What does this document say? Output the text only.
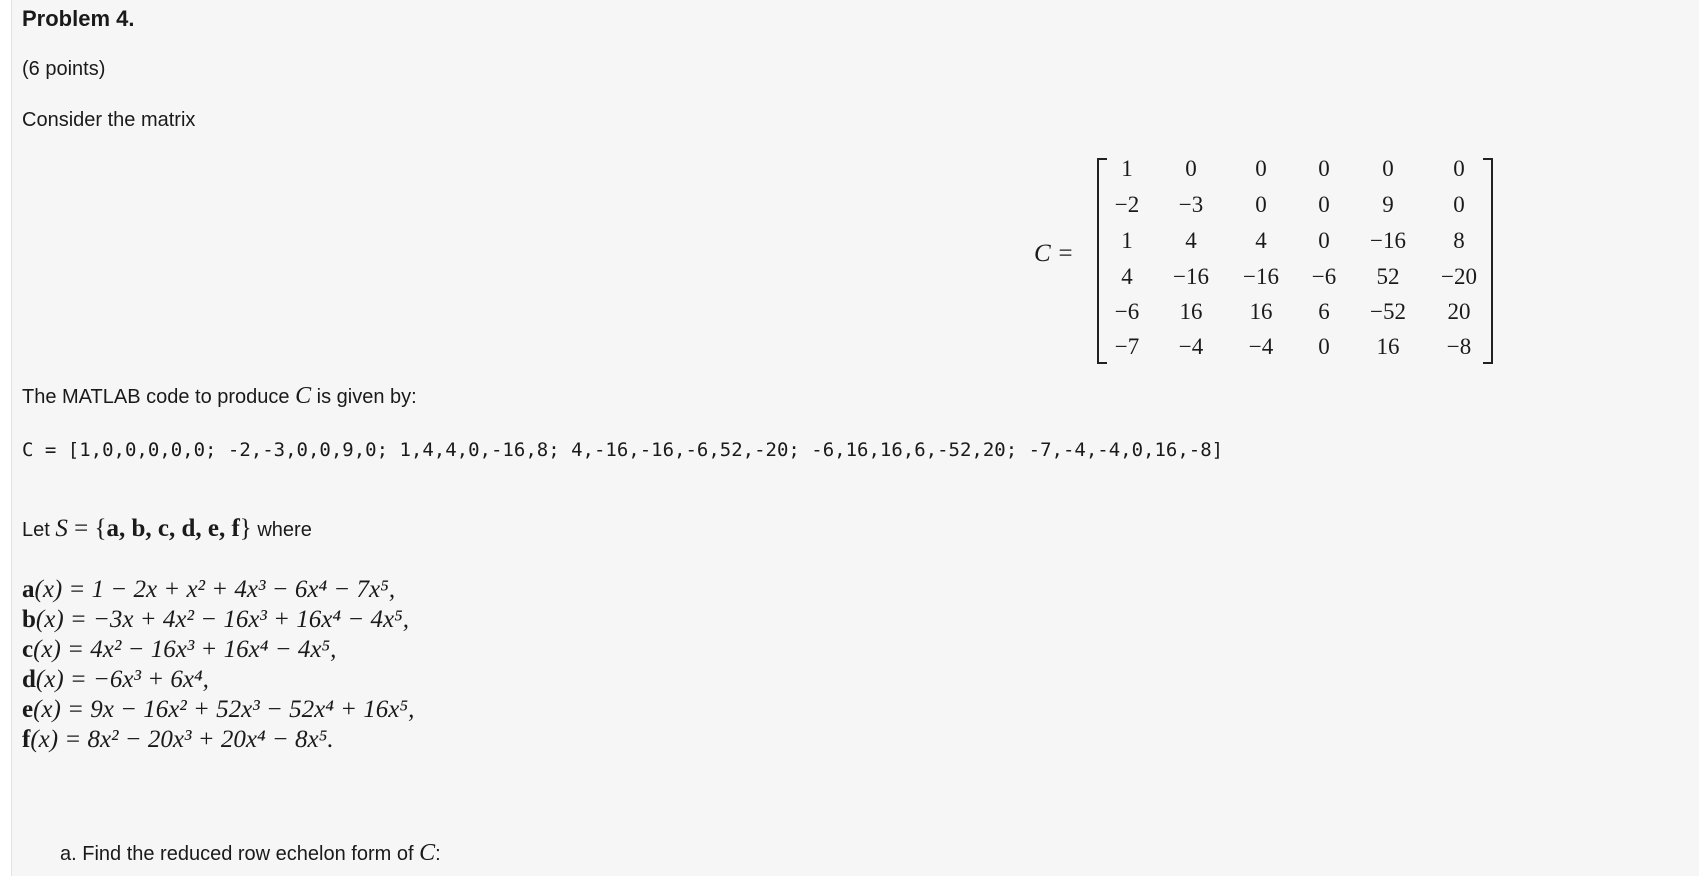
Problem 4.
(6 points)
Consider the matrix
C =
1	0	0	0	0	0
−2	−3	0	0	9	0
1	4	4	0	−16	8
4	−16	−16	−6	52	−20
−6	16	16	6	−52	20
−7	−4	−4	0	16	−8
The MATLAB code to produce C is given by:
C = [1,0,0,0,0,0; -2,-3,0,0,9,0; 1,4,4,0,-16,8; 4,-16,-16,-6,52,-20; -6,16,16,6,-52,20; -7,-4,-4,0,16,-8]
Let S = {a, b, c, d, e, f} where
a(x) = 1 − 2x + x² + 4x³ − 6x⁴ − 7x⁵,
b(x) = −3x + 4x² − 16x³ + 16x⁴ − 4x⁵,
c(x) = 4x² − 16x³ + 16x⁴ − 4x⁵,
d(x) = −6x³ + 6x⁴,
e(x) = 9x − 16x² + 52x³ − 52x⁴ + 16x⁵,
f(x) = 8x² − 20x³ + 20x⁴ − 8x⁵.
a. Find the reduced row echelon form of C:
